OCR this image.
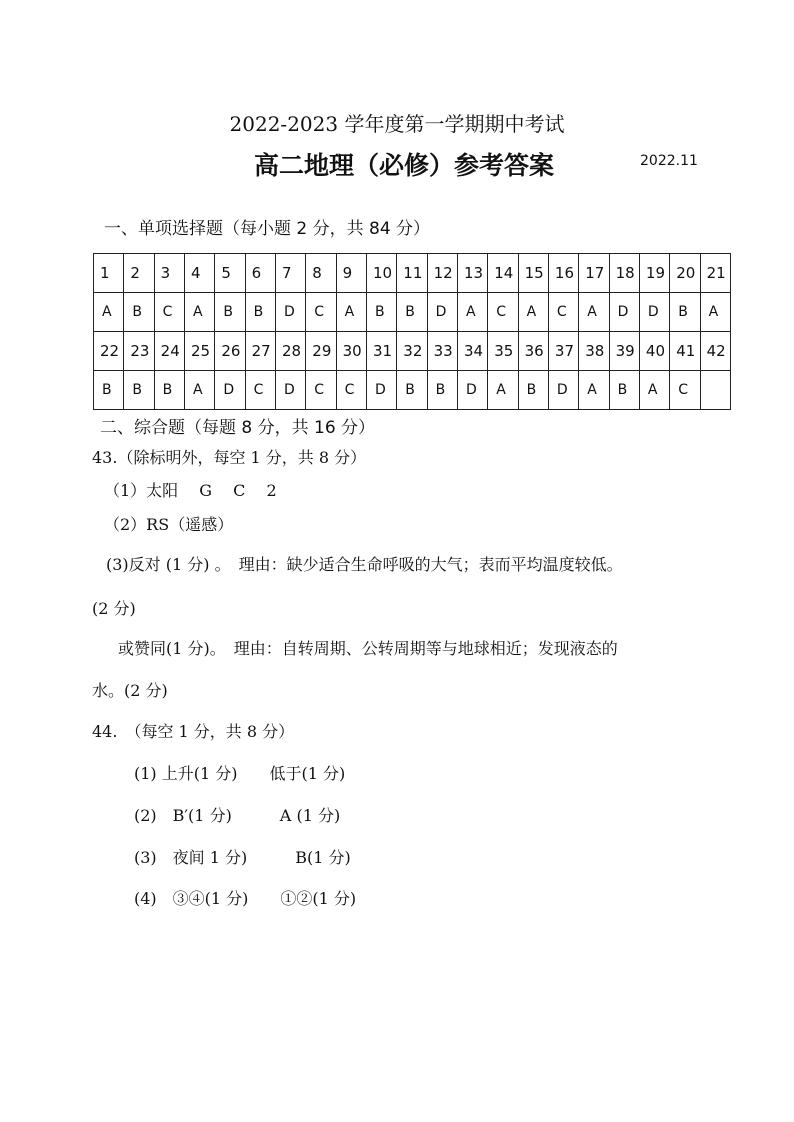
2022-2023 学年度第一学期期中考试
高二地理（必修）参考答案	2022.11
一、单项选择题（每小题 2 分，共 84 分）
1	2	3	4	5	6	7	8	9	10	11	12	13	14	15	16	17	18	19	20	21
A	B	C	A	B	B	D	C	A	B	B	D	A	C	A	C	A	D	D	B	A
22	23	24	25	26	27	28	29	30	31	32	33	34	35	36	37	38	39	40	41	42
B	B	B	A	D	C	D	C	C	D	B	B	D	A	B	D	A	B	A	C	
二、综合题（每题 8 分，共 16 分）
43.（除标明外，每空 1 分，共 8 分）
（1）太阳　 G　 C　 2
（2）RS（遥感）
(3)反对 (1 分) 。　理由：缺少适合生命呼吸的大气；表而平均温度较低。
(2 分)
或赞同(1 分)。　理由：自转周期、公转周期等与地球相近；发现液态的
水。(2 分)
44.　（每空 1 分，共 8 分）
(1) 上升(1 分)　　低于(1 分)
(2)　B′(1 分)　　　A (1 分)
(3)　夜间 1 分)　　　B(1 分)
(4)　③④(1 分)　　①②(1 分)
